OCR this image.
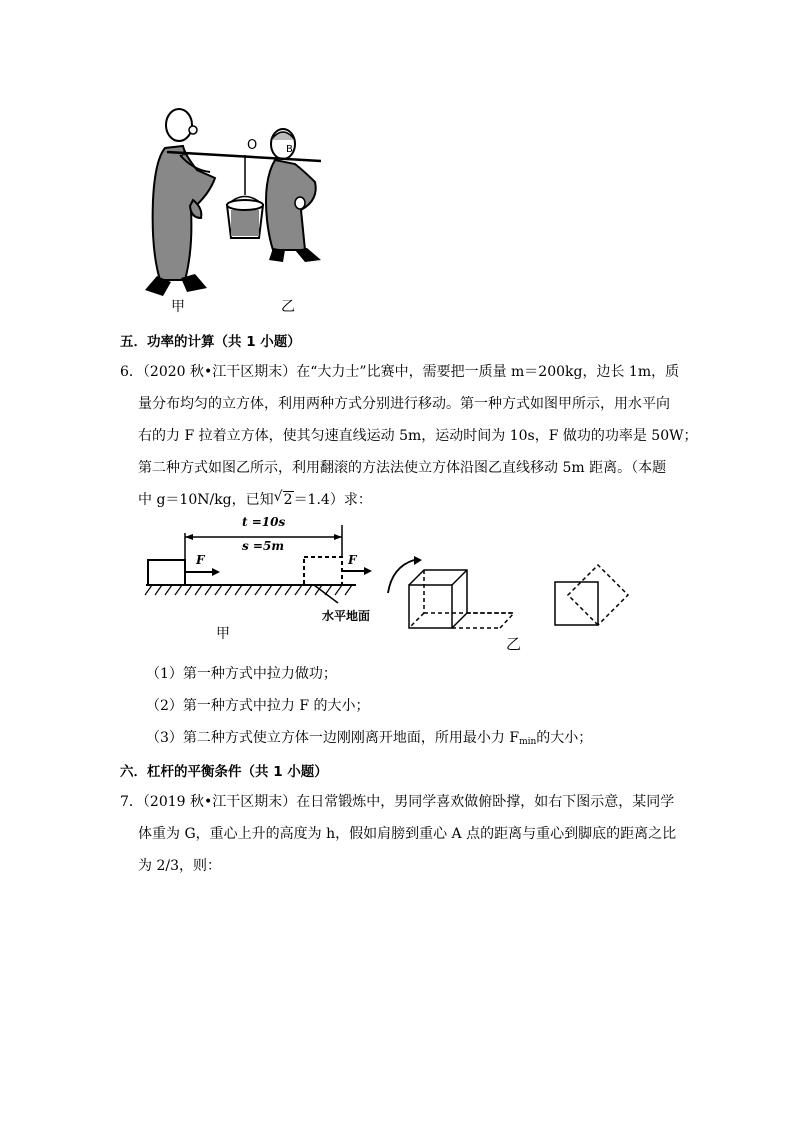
A
O	B
甲	乙
五．功率的计算（共 1 小题）
6．（2020 秋•江干区期末）在“大力士”比赛中，需要把一质量 m＝200kg，边长 1m，质
量分布均匀的立方体，利用两种方式分别进行移动。第一种方式如图甲所示，用水平向
右的力 F 拉着立方体，使其匀速直线运动 5m，运动时间为 10s，F 做功的功率是 50W；
第二种方式如图乙所示，利用翻滚的方法法使立方体沿图乙直线移动 5m 距离。（本题
中 g＝10N/kg，已知 √ 2＝1.4）求：
t =10s
s =5m
F	F
水平地面
甲
乙
（1）第一种方式中拉力做功；
（2）第一种方式中拉力 F 的大小；
（3）第二种方式使立方体一边刚刚离开地面，所用最小力 $F_{min}$的大小；
六．杠杆的平衡条件（共 1 小题）
7．（2019 秋•江干区期末）在日常锻炼中，男同学喜欢做俯卧撑，如右下图示意，某同学
体重为 G，重心上升的高度为 h，假如肩膀到重心 A 点的距离与重心到脚底的距离之比
为 2/3，则：
